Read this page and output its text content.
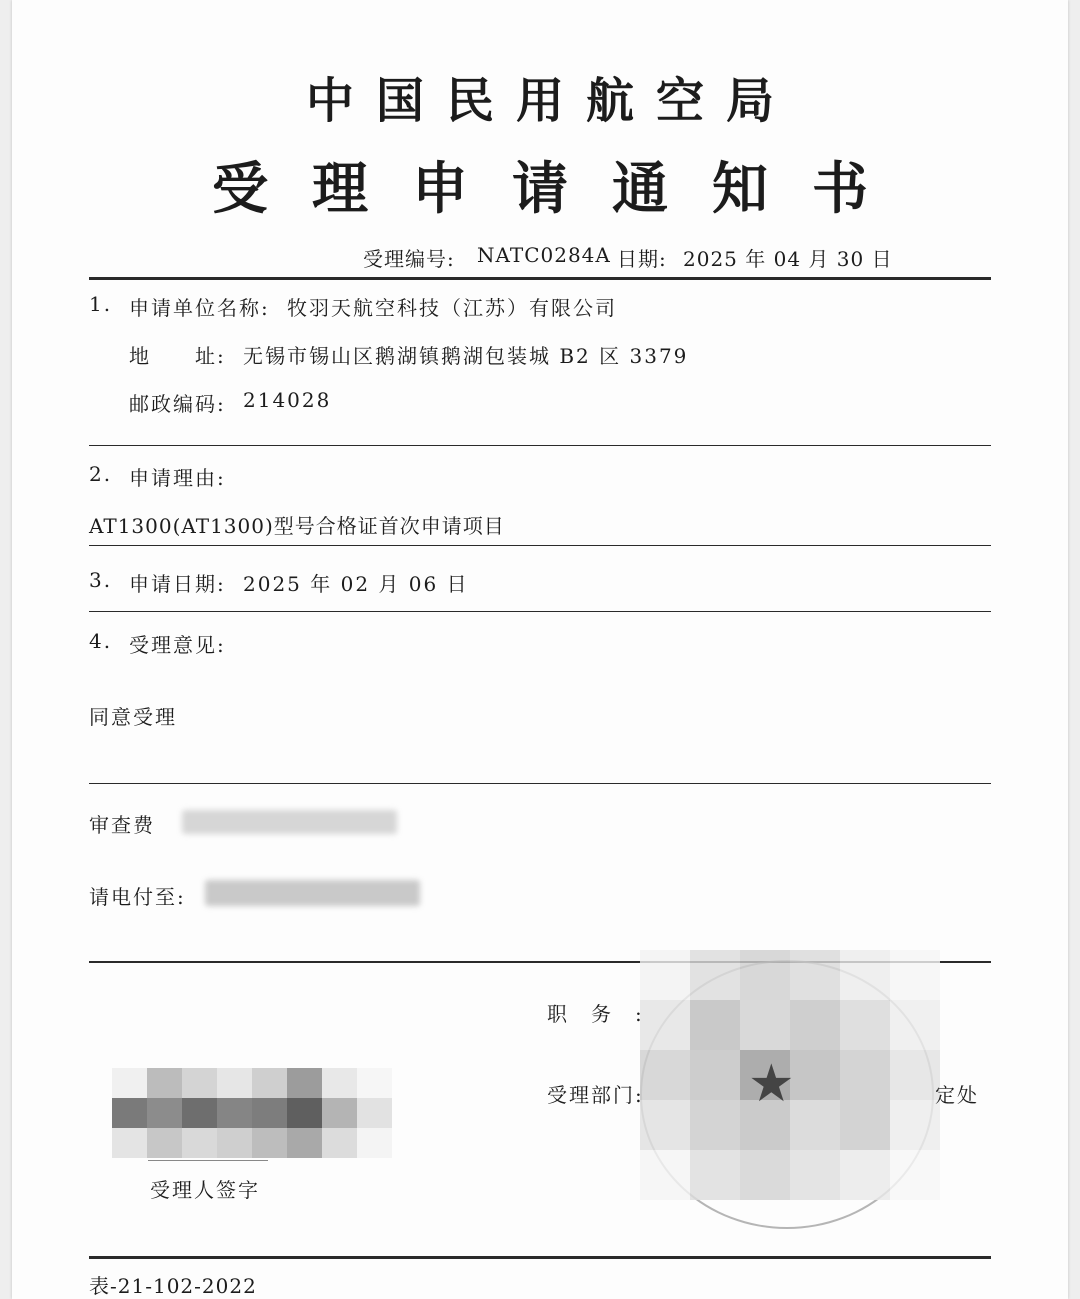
中国民用航空局
受理申请通知书
受理编号: NATC0284A 日期: 2025 年 04 月 30 日
1. 申请单位名称: 牧羽天航空科技（江苏）有限公司
地　　址: 无锡市锡山区鹅湖镇鹅湖包装城 B2 区 3379
邮政编码: 214028
2. 申请理由:
AT1300(AT1300)型号合格证首次申请项目
3. 申请日期: 2025 年 02 月 06 日
4. 受理意见:
同意受理
审查费
请电付至:
★
职　务　:
受理部门:	定处
受理人签字
表-21-102-2022
